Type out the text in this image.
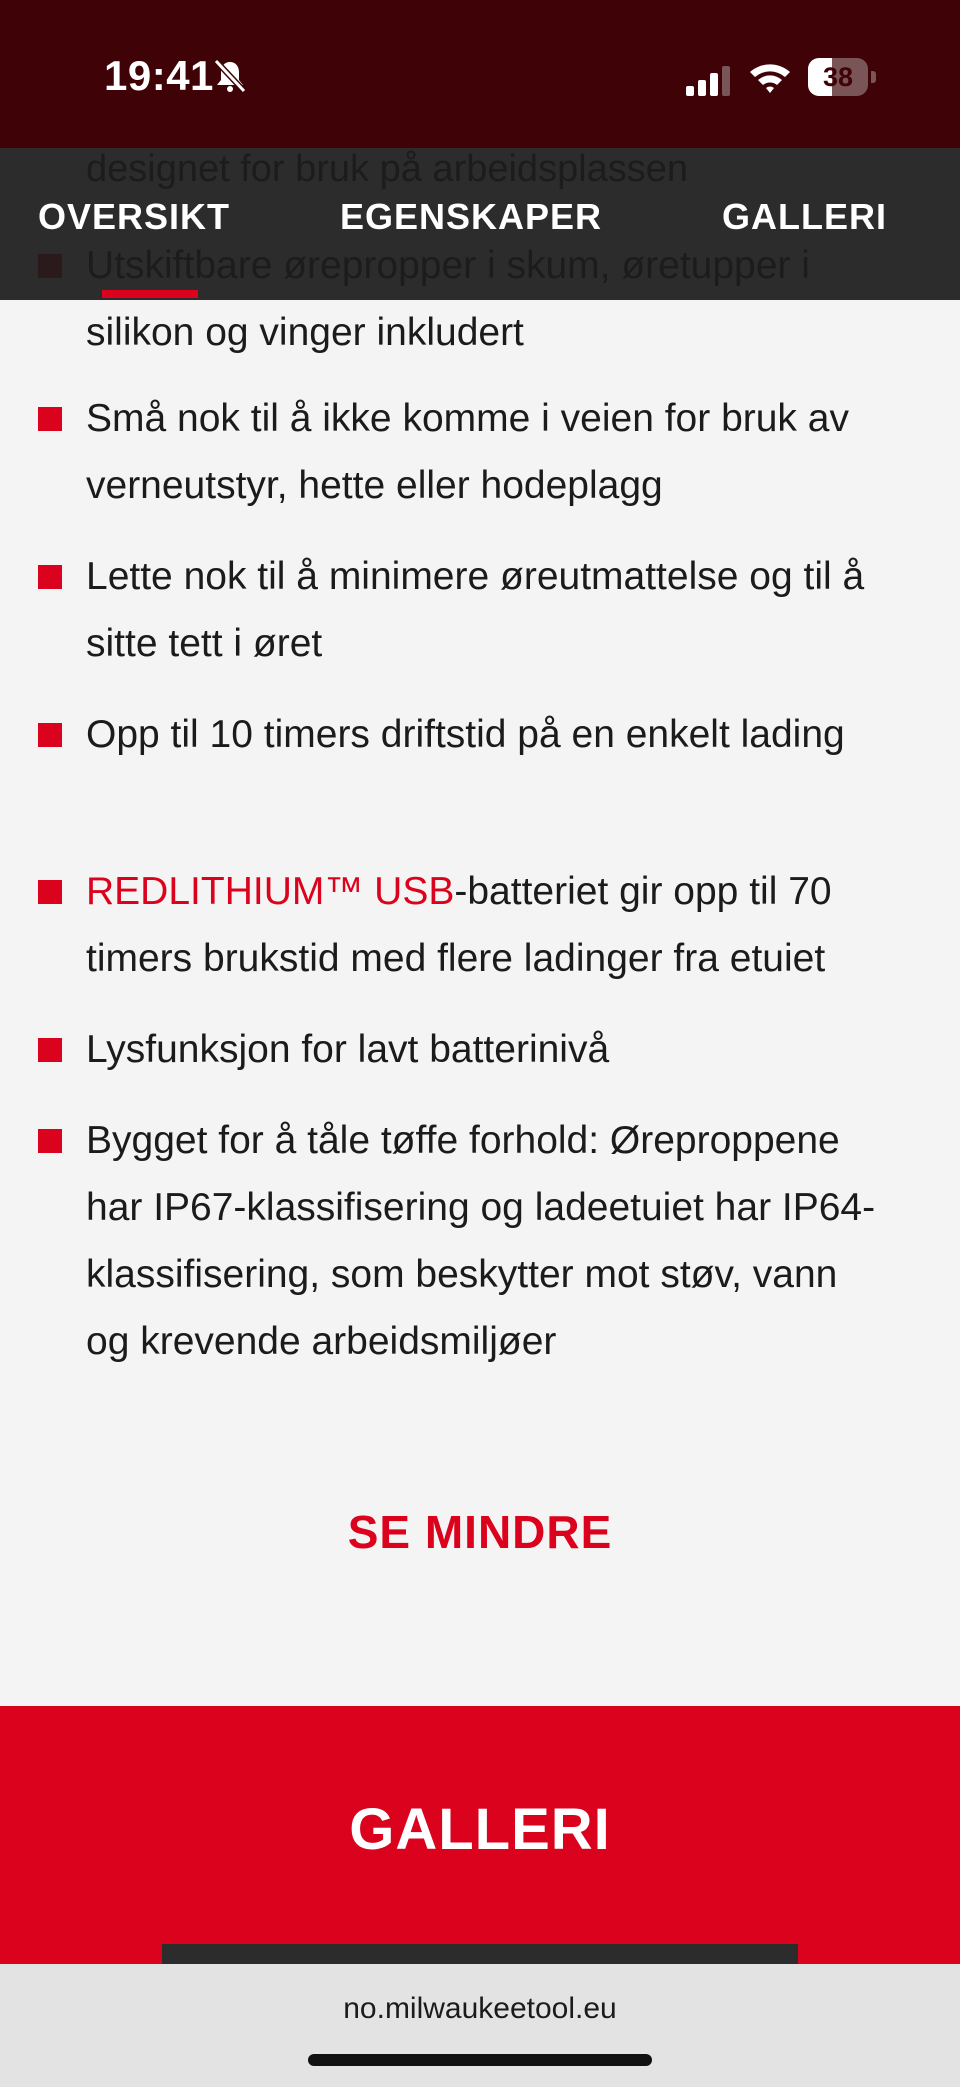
silikon og vinger inkludert
Små nok til å ikke komme i veien for bruk av verneutstyr, hette eller hodeplagg
Lette nok til å minimere øreutmattelse og til å sitte tett i øret
Opp til 10 timers driftstid på en enkelt lading
REDLITHIUM™ USB-batteriet gir opp til 70 timers brukstid med flere ladinger fra etuiet
Lysfunksjon for lavt batterinivå
Bygget for å tåle tøffe forhold: Øreproppene har IP67-klassifisering og ladeetuiet har IP64-klassifisering, som beskytter mot støv, vann og krevende arbeidsmiljøer
SE MINDRE
GALLERI
OVERSIKT	EGENSKAPER	GALLERI
19:41	38
no.milwaukeetool.eu
